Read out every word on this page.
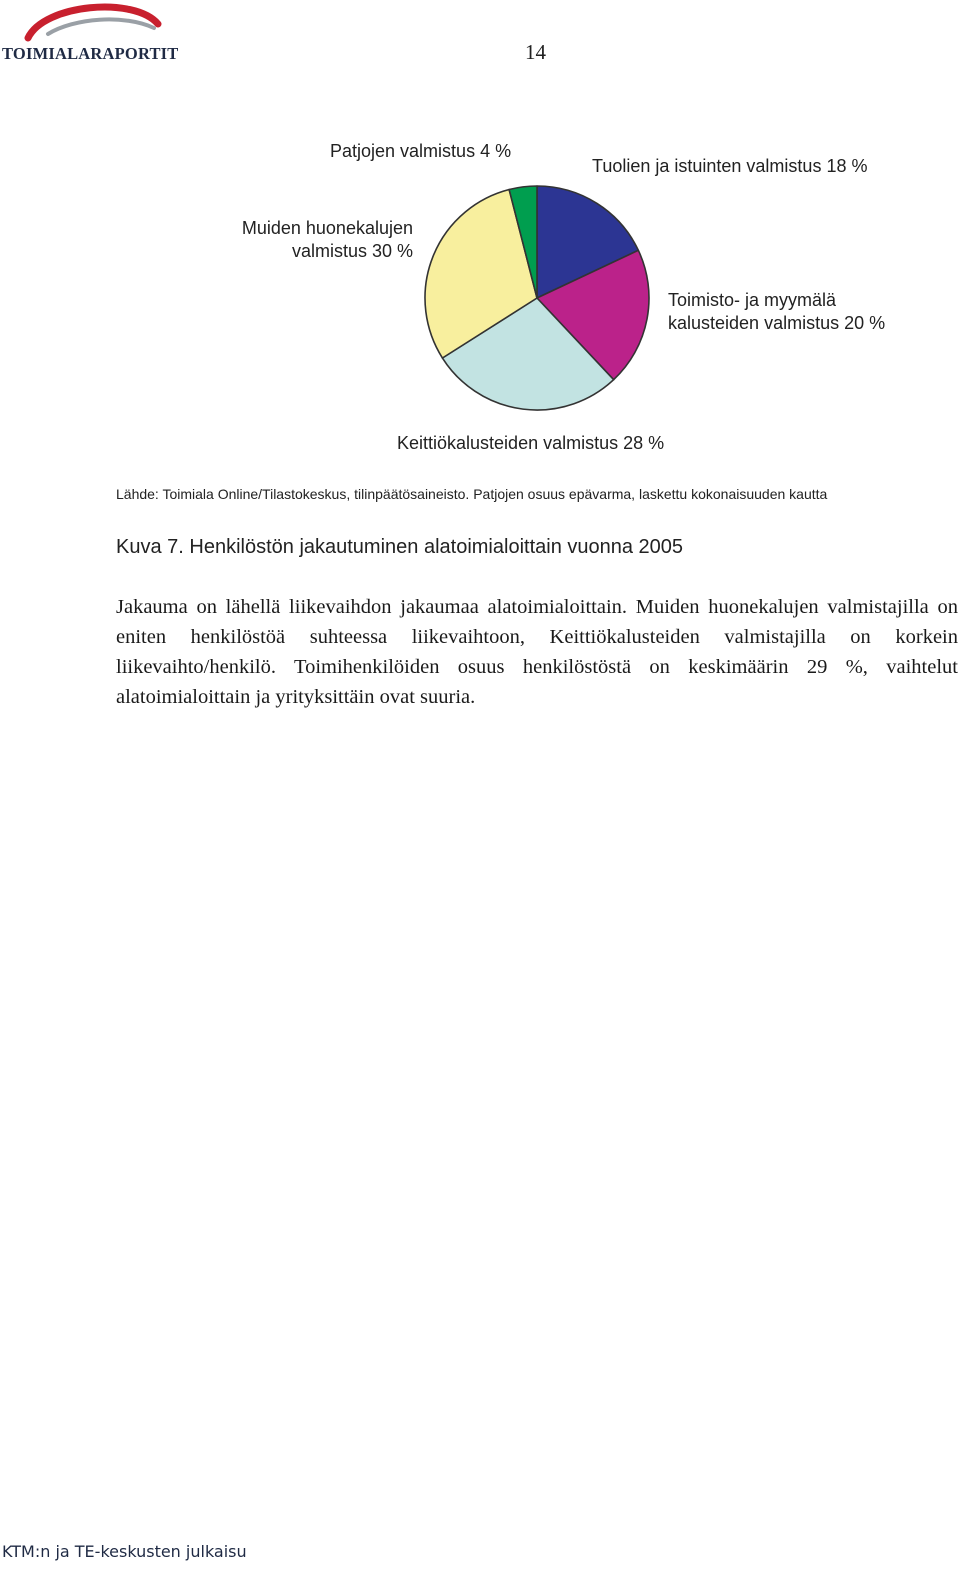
TOIMIALARAPORTIT	14
Patjojen valmistus 4 %
Tuolien ja istuinten valmistus 18 %
Muiden huonekalujen
valmistus 30 %
Toimisto- ja myymälä
kalusteiden valmistus 20 %
Keittiökalusteiden valmistus 28 %
Lähde: Toimiala Online/Tilastokeskus, tilinpäätösaineisto. Patjojen osuus epävarma, laskettu kokonaisuuden kautta
Kuva 7. Henkilöstön jakautuminen alatoimialoittain vuonna 2005
Jakauma on lähellä liikevaihdon jakaumaa alatoimialoittain. Muiden huonekalujen valmistajilla on eniten henkilöstöä suhteessa liikevaihtoon, Keittiökalusteiden valmistajilla on korkein liikevaihto/henkilö. Toimihenkilöiden osuus henkilöstöstä on keskimäärin 29 %, vaihtelut alatoimialoittain ja yrityksittäin ovat suuria.
KTM:n ja TE-keskusten julkaisu
